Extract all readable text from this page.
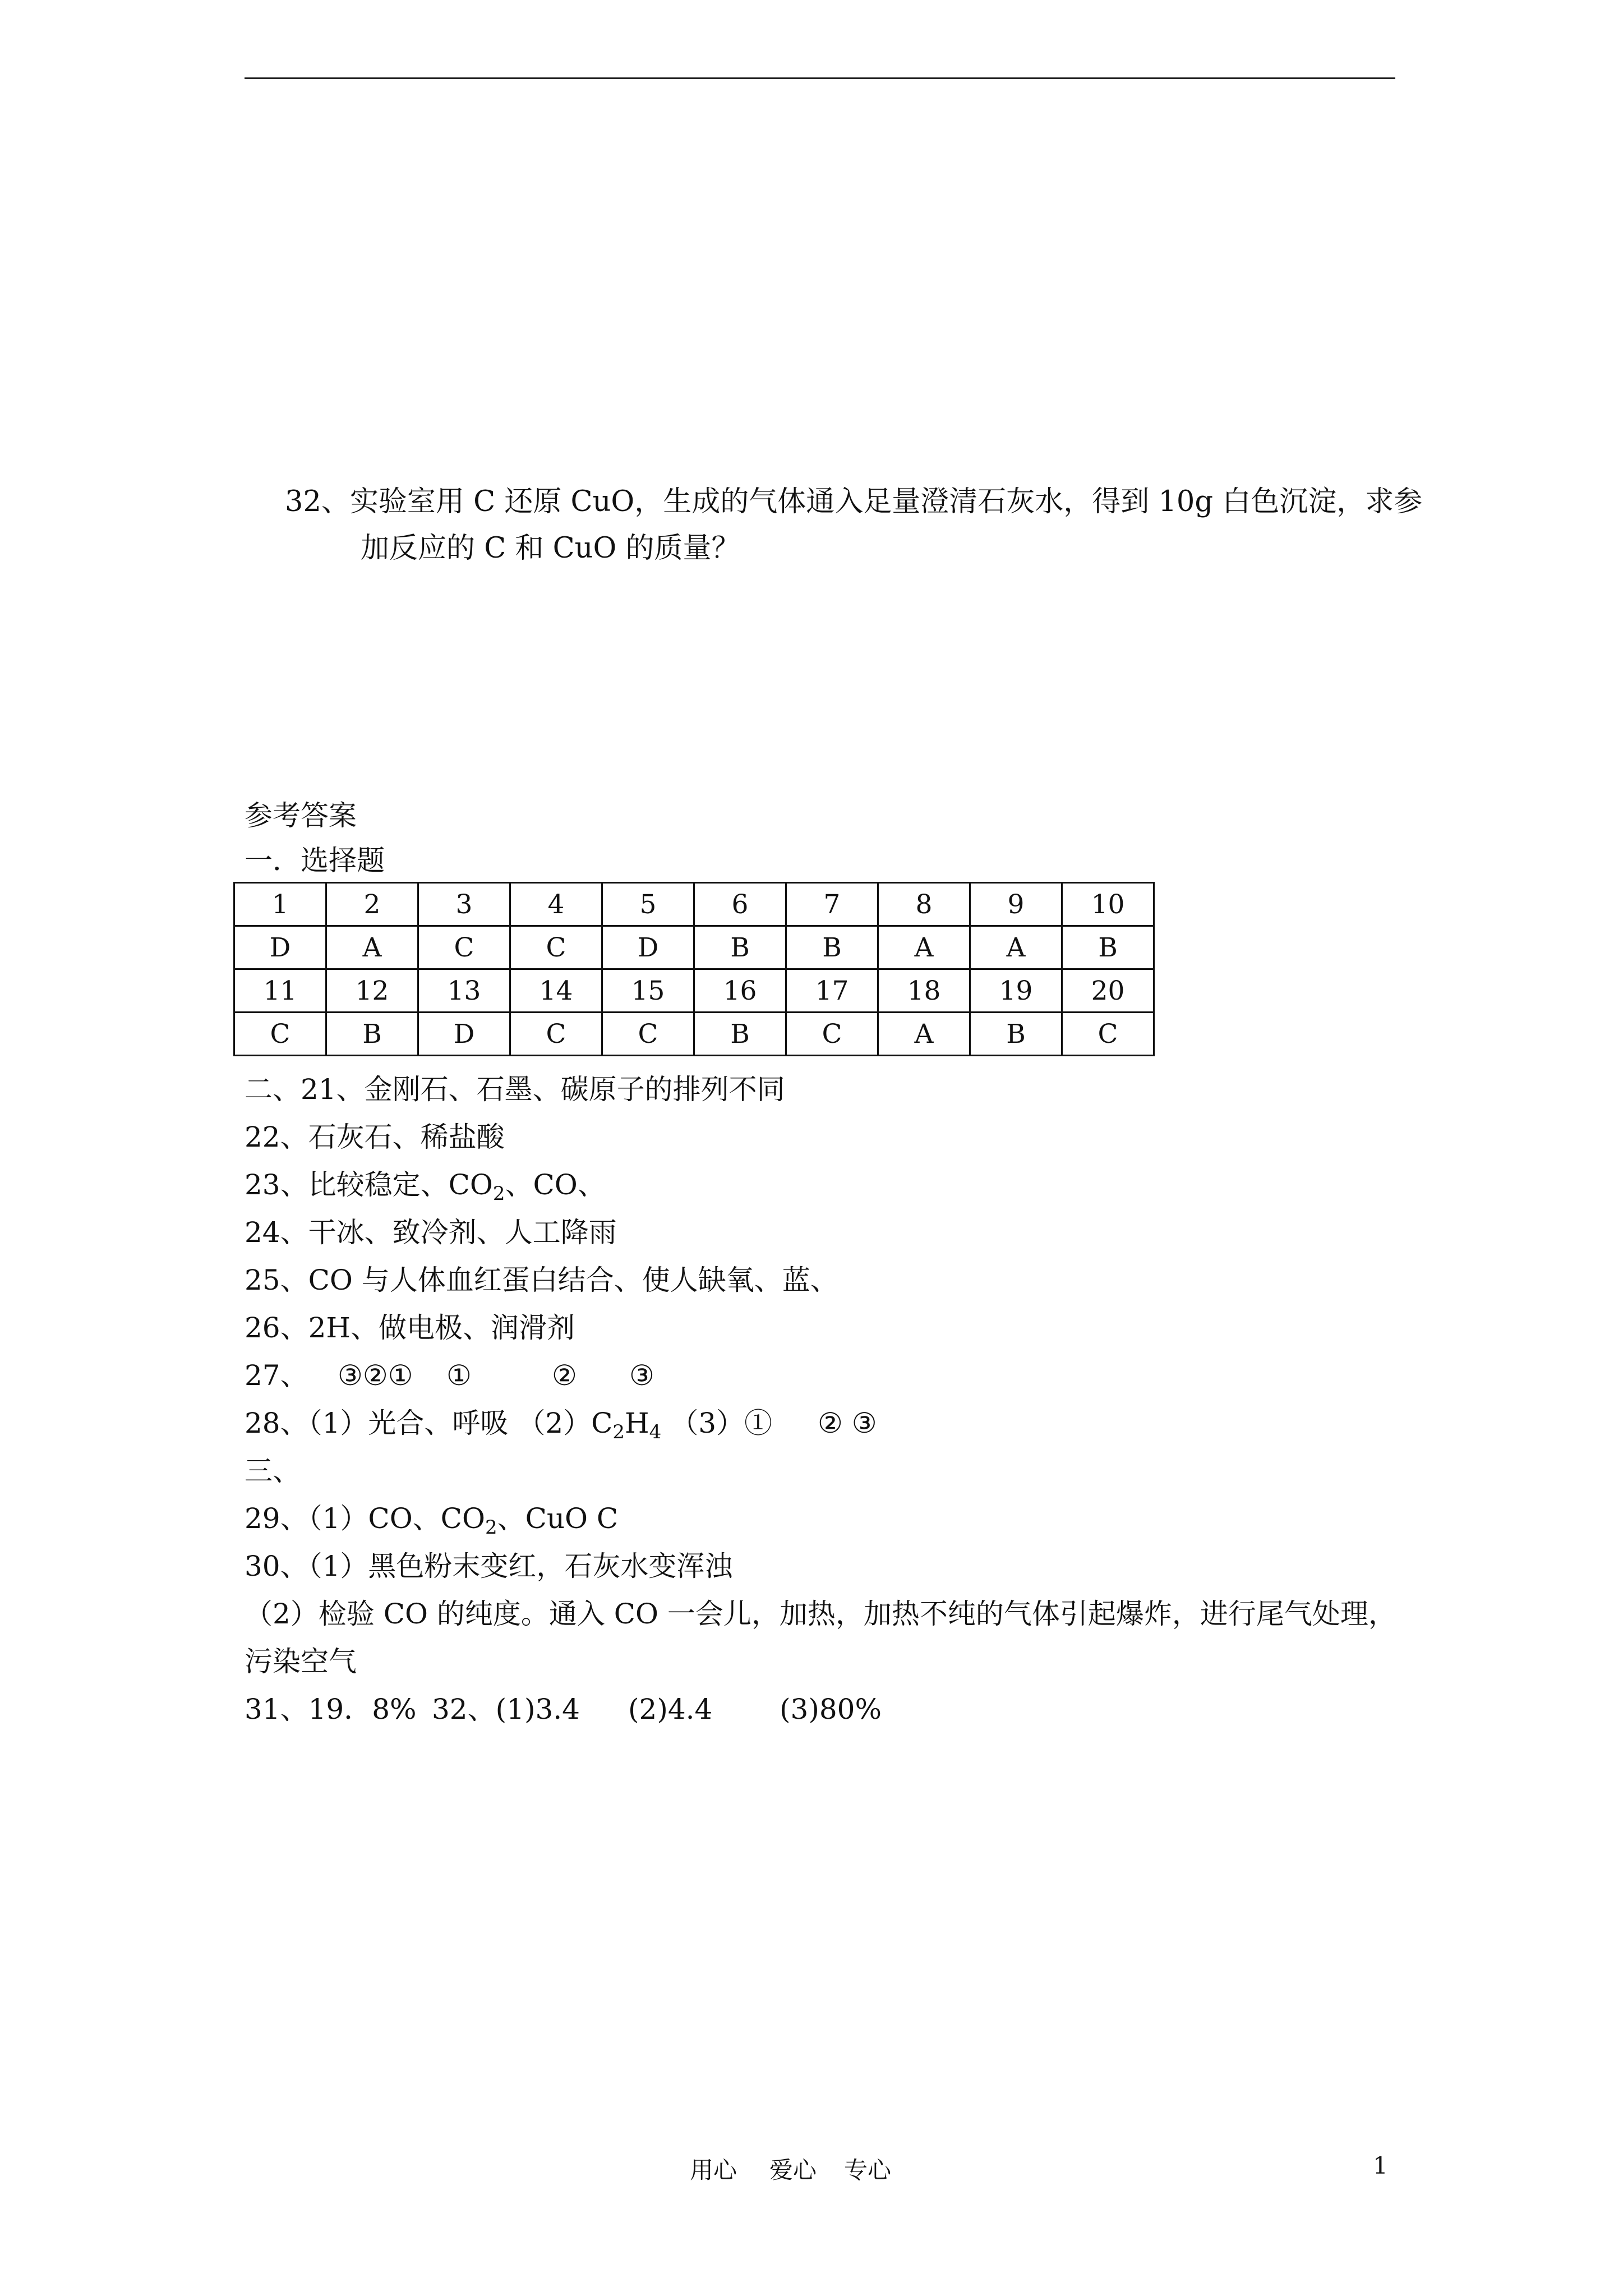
32、实验室用 C 还原 CuO，生成的气体通入足量澄清石灰水，得到 10g 白色沉淀，求参
加反应的 C 和 CuO 的质量？
参考答案
一．选择题
1	2	3	4	5	6	7	8	9	10
D	A	C	C	D	B	B	A	A	B
11	12	13	14	15	16	17	18	19	20
C	B	D	C	C	B	C	A	B	C
二、21、金刚石、石墨、碳原子的排列不同
22、石灰石、稀盐酸
23、比较稳定、$CO_2$、CO、
24、干冰、致冷剂、人工降雨
25、CO 与人体血红蛋白结合、使人缺氧、蓝、
26、2H、做电极、润滑剂
27、 ③②① ①	② ③
28、（1）光合、呼吸 $(2)C_2H_4$ （3）① ② ③
三、
29、（1）CO、$CO_2$、CuO C
30、（1）黑色粉末变红，石灰水变浑浊
（2）检验 CO 的纯度。通入 CO 一会儿，加热，加热不纯的气体引起爆炸，进行尾气处理，
污染空气
31、19．8% 32、(1)3.4 (2)4.4 (3)80%
用心 爱心 专心	1
